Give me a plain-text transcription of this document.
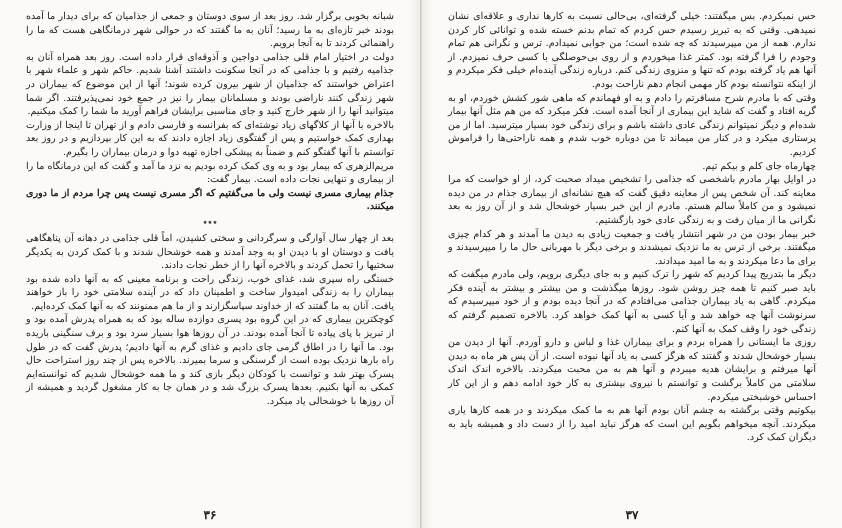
شبانه بخوبی برگزار شد. روز بعد از سوی دوستان و جمعی از جذامیان که برای دیدار ما آمده بودند خبر تازه‌ای به ما رسید؛ آنان به ما گفتند که در حوالی شهر درمانگاهی هست که ما را راهنمائی کردند تا به آنجا برویم.
دولت در اختیار امام قلی جذامی دواجین و آذوقه‌ای قرار داده است. روز بعد همراه آنان به جذامیه رفتیم و با جذامی که در آنجا سکونت داشتند آشنا شدیم. حاکم شهر و علماء شهر با اعتراض خواستند که جذامیان از شهر بیرون کرده شوند؛ آنها از این موضوع که بیماران در شهر زندگی کنند ناراضی بودند و مسلمانان بیمار را نیز در جمع خود نمی‌پذیرفتند. اگر شما میتوانید آنها را از شهر خارج کنید و جای مناسبی برایشان فراهم آورید ما شما را کمک میکنیم.
بالاخره با آنها از کلاگهای زیاد نوشته‌ای که بفرانسه و فارسی دادم و از تهران تا اینجا از وزارت بهداری کمک خواستیم و پس از گفتگوی زیاد اجازه دادند که به این کار بپردازیم و در روز بعد توانستم با آنها گفتگو کنم و ضمناً به پیشکی اجازه تهیه دوا و درمان بیماران را بگیرم.
مریم‌الزهری که بیمار بود و به وی کمک کرده بودیم به نزد ما آمد و گفت که این درمانگاه ما را از بیماری و تنهایی نجات داده است. بیمار گفت:
جذام بیماری مسری نیست ولی ما می‌گفتیم که اگر مسری نیست پس چرا مردم از ما دوری میکنند.
٭٭٭
بعد از چهار سال آوارگی و سرگردانی و سختی کشیدن، اماً قلی جذامی در دهانه آن پناهگاهی یافت و دوستان او با دیدن او به وجد آمدند و همه خوشحال شدند و با کمک کردن به یکدیگر سختیها را تحمل کردند و بالاخره آنها را از خطر نجات دادند.
خستگی راه سپری شد، غذای خوب، زندگی راحت و برنامه معینی که به آنها داده شده بود بیماران را به زندگی امیدوار ساخت و اطمینان داد که در آینده سلامتی خود را باز خواهند یافت. آنان به ما گفتند که از خداوند سپاسگزارند و از ما هم ممنونند که به آنها کمک کرده‌ایم.
کوچکترین بیماری که در این گروه بود پسری دوازده ساله بود که به همراه پدرش آمده بود و از تبریز با پای پیاده تا آنجا آمده بودند. در آن روزها هوا بسیار سرد بود و برف سنگینی باریده بود. ما آنها را در اطاق گرمی جای دادیم و غذای گرم به آنها دادیم؛ پدرش گفت که در طول راه بارها نزدیک بوده است از گرسنگی و سرما بمیرند. بالاخره پس از چند روز استراحت حال پسرک بهتر شد و توانست با کودکان دیگر بازی کند و ما همه خوشحال شدیم که توانسته‌ایم کمکی به آنها بکنیم. بعدها پسرک بزرگ شد و در همان جا به کار مشغول گردید و همیشه از آن روزها با خوشحالی یاد میکرد.
۳۶
حس نمیکردم. بس میگفتند: خیلی گرفته‌ای، بی‌حالی نسبت به کارها نداری و علاقه‌ای نشان نمیدهی. وقتی که به تبریز رسیدم حس کردم که تمام بدنم خسته شده و توانائی کار کردن ندارم. همه از من میپرسیدند که چه شده است؛ من جوابی نمیدادم. ترس و نگرانی هم تمام وجودم را فرا گرفته بود. کمتر غذا میخوردم و از روی بی‌حوصلگی با کسی حرف نمیزدم. از آنها هم یاد گرفته بودم که تنها و منزوی زندگی کنم. درباره زندگی آینده‌ام خیلی فکر میکردم و از اینکه نتوانسته بودم کار مهمی انجام دهم ناراحت بودم.
وقتی که با مادرم شرح مسافرتم را دادم و به او فهماندم که ماهی شور کشش خوردم، او به گریه افتاد و گفت که شاید این بیماری از آنجا آمده است. فکر میکرد که من هم مثل آنها بیمار شده‌ام و دیگر نمیتوانم زندگی عادی داشته باشم و برای زندگی خود بسیار میترسید. اما از من پرستاری میکرد و در کنار من میماند تا من دوباره خوب شدم و همه ناراحتی‌ها را فراموش کردیم.
چهارماه جای کلم و بیکم تیم.
در اوایل بهار مادرم باشخصی که جذامی را تشخیص میداد صحبت کرد، از او خواست که مرا معاینه کند. آن شخص پس از معاینه دقیق گفت که هیچ نشانه‌ای از بیماری جذام در من دیده نمیشود و من کاملاً سالم هستم. مادرم از این خبر بسیار خوشحال شد و از آن روز به بعد نگرانی ما از میان رفت و به زندگی عادی خود بازگشتیم.
خبر بیمار بودن من در شهر انتشار یافت و جمعیت زیادی به دیدن ما آمدند و هر کدام چیزی میگفتند. برخی از ترس به ما نزدیک نمیشدند و برخی دیگر با مهربانی حال ما را میپرسیدند و برای ما دعا میکردند و به ما امید میدادند.
دیگر ما بتدریج پیدا کردیم که شهر را ترک کنیم و به جای دیگری برویم، ولی مادرم میگفت که باید صبر کنیم تا همه چیز روشن شود. روزها میگذشت و من بیشتر و بیشتر به آینده فکر میکردم. گاهی به یاد بیماران جذامی می‌افتادم که در آنجا دیده بودم و از خود میپرسیدم که سرنوشت آنها چه خواهد شد و آیا کسی به آنها کمک خواهد کرد. بالاخره تصمیم گرفتم که زندگی خود را وقف کمک به آنها کنم.
روزی ما ایستانی را همراه بردم و برای بیماران غذا و لباس و دارو آوردم. آنها از دیدن من بسیار خوشحال شدند و گفتند که هرگز کسی به یاد آنها نبوده است. از آن پس هر ماه به دیدن آنها میرفتم و برایشان هدیه میبردم و آنها هم به من محبت میکردند. بالاخره اندک اندک سلامتی من کاملاً برگشت و توانستم با نیروی بیشتری به کار خود ادامه دهم و از این کار احساس خوشبختی میکردم.
بیکوتیم وقتی برگشته به چشم آنان بودم آنها هم به ما کمک میکردند و در همه کارها یاری میکردند. آنچه میخواهم بگویم این است که هرگز نباید امید را از دست داد و همیشه باید به دیگران کمک کرد.
۳۷
